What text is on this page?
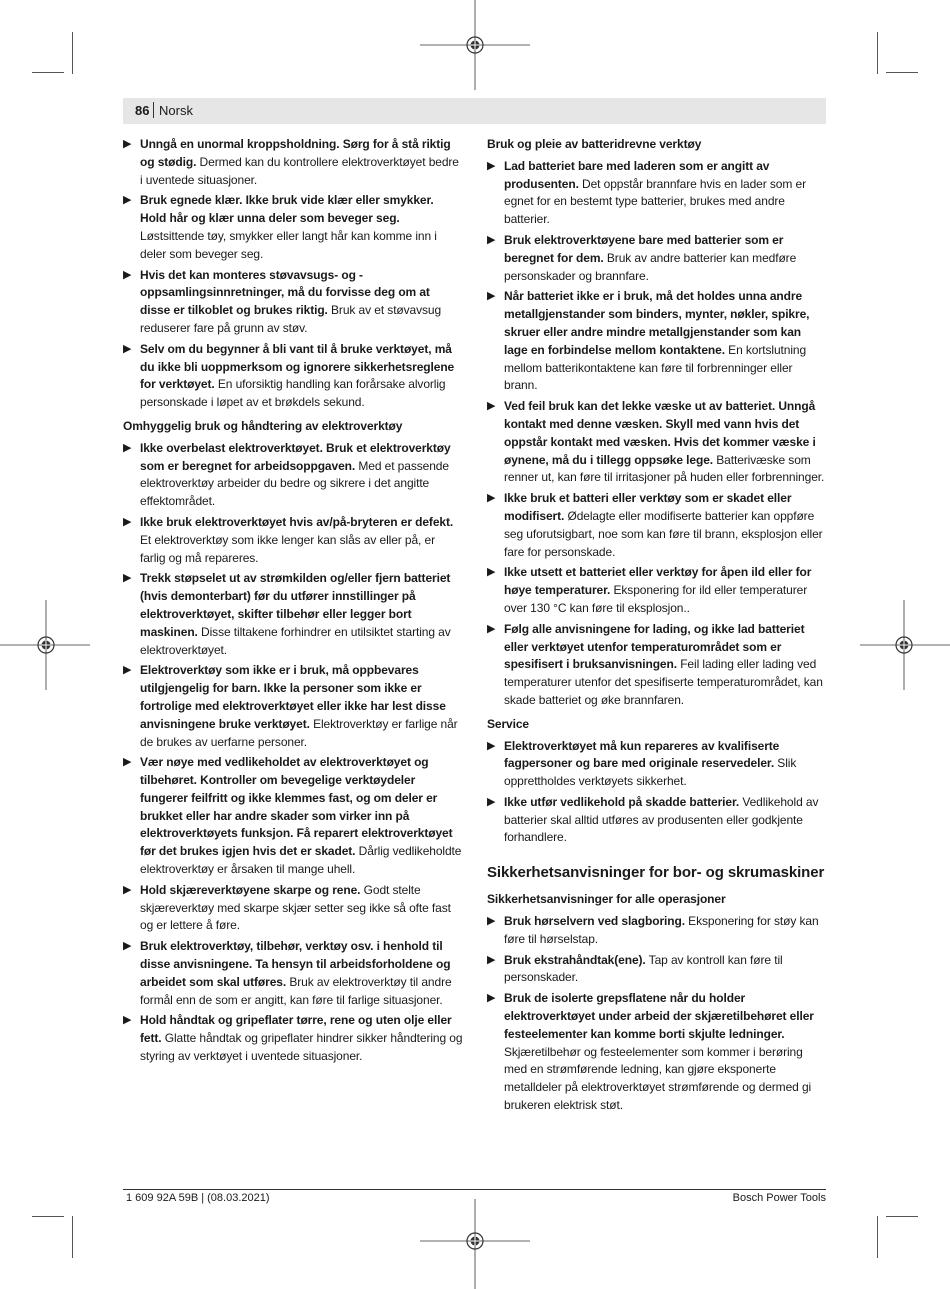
86 Norsk
▶ Unngå en unormal kroppsholdning. Sørg for å stå riktig og stødig. Dermed kan du kontrollere elektroverktøyet bedre i uventede situasjoner.
▶ Bruk egnede klær. Ikke bruk vide klær eller smykker. Hold hår og klær unna deler som beveger seg. Løstsittende tøy, smykker eller langt hår kan komme inn i deler som beveger seg.
▶ Hvis det kan monteres støvavsugs- og -oppsamlingsinnretninger, må du forvisse deg om at disse er tilkoblet og brukes riktig. Bruk av et støvavsug reduserer fare på grunn av støv.
▶ Selv om du begynner å bli vant til å bruke verktøyet, må du ikke bli uoppmerksom og ignorere sikkerhetsreglene for verktøyet. En uforsiktig handling kan forårsake alvorlig personskade i løpet av et brøkdels sekund.
Omhyggelig bruk og håndtering av elektroverktøy
▶ Ikke overbelast elektroverktøyet. Bruk et elektroverktøy som er beregnet for arbeidsoppgaven. Med et passende elektroverktøy arbeider du bedre og sikrere i det angitte effektområdet.
▶ Ikke bruk elektroverktøyet hvis av/på-bryteren er defekt. Et elektroverktøy som ikke lenger kan slås av eller på, er farlig og må repareres.
▶ Trekk støpselet ut av strømkilden og/eller fjern batteriet (hvis demonterbart) før du utfører innstillinger på elektroverktøyet, skifter tilbehør eller legger bort maskinen. Disse tiltakene forhindrer en utilsiktet starting av elektroverktøyet.
▶ Elektroverktøy som ikke er i bruk, må oppbevares utilgjengelig for barn. Ikke la personer som ikke er fortrolige med elektroverktøyet eller ikke har lest disse anvisningene bruke verktøyet. Elektroverktøy er farlige når de brukes av uerfarne personer.
▶ Vær nøye med vedlikeholdet av elektroverktøyet og tilbehøret. Kontroller om bevegelige verktøydeler fungerer feilfritt og ikke klemmes fast, og om deler er brukket eller har andre skader som virker inn på elektroverktøyets funksjon. Få reparert elektroverktøyet før det brukes igjen hvis det er skadet. Dårlig vedlikeholdte elektroverktøy er årsaken til mange uhell.
▶ Hold skjæreverktøyene skarpe og rene. Godt stelte skjæreverktøy med skarpe skjær setter seg ikke så ofte fast og er lettere å føre.
▶ Bruk elektroverktøy, tilbehør, verktøy osv. i henhold til disse anvisningene. Ta hensyn til arbeidsforholdene og arbeidet som skal utføres. Bruk av elektroverktøy til andre formål enn de som er angitt, kan føre til farlige situasjoner.
▶ Hold håndtak og gripeflater tørre, rene og uten olje eller fett. Glatte håndtak og gripeflater hindrer sikker håndtering og styring av verktøyet i uventede situasjoner.
Bruk og pleie av batteridrevne verktøy
▶ Lad batteriet bare med laderen som er angitt av produsenten. Det oppstår brannfare hvis en lader som er egnet for en bestemt type batterier, brukes med andre batterier.
▶ Bruk elektroverktøyene bare med batterier som er beregnet for dem. Bruk av andre batterier kan medføre personskader og brannfare.
▶ Når batteriet ikke er i bruk, må det holdes unna andre metallgjenstander som binders, mynter, nøkler, spikre, skruer eller andre mindre metallgjenstander som kan lage en forbindelse mellom kontaktene. En kortslutning mellom batterikontaktene kan føre til forbrenninger eller brann.
▶ Ved feil bruk kan det lekke væske ut av batteriet. Unngå kontakt med denne væsken. Skyll med vann hvis det oppstår kontakt med væsken. Hvis det kommer væske i øynene, må du i tillegg oppsøke lege. Batterivæske som renner ut, kan føre til irritasjoner på huden eller forbrenninger.
▶ Ikke bruk et batteri eller verktøy som er skadet eller modifisert. Ødelagte eller modifiserte batterier kan oppføre seg uforutsigbart, noe som kan føre til brann, eksplosjon eller fare for personskade.
▶ Ikke utsett et batteriet eller verktøy for åpen ild eller for høye temperaturer. Eksponering for ild eller temperaturer over 130 °C kan føre til eksplosjon..
▶ Følg alle anvisningene for lading, og ikke lad batteriet eller verktøyet utenfor temperaturområdet som er spesifisert i bruksanvisningen. Feil lading eller lading ved temperaturer utenfor det spesifiserte temperaturområdet, kan skade batteriet og øke brannfaren.
Service
▶ Elektroverktøyet må kun repareres av kvalifiserte fagpersoner og bare med originale reservedeler. Slik opprettholdes verktøyets sikkerhet.
▶ Ikke utfør vedlikehold på skadde batterier. Vedlikehold av batterier skal alltid utføres av produsenten eller godkjente forhandlere.
Sikkerhetsanvisninger for bor- og skrumaskiner
Sikkerhetsanvisninger for alle operasjoner
▶ Bruk hørselvern ved slagboring. Eksponering for støy kan føre til hørselstap.
▶ Bruk ekstrahåndtak(ene). Tap av kontroll kan føre til personskader.
▶ Bruk de isolerte grepsflatene når du holder elektroverktøyet under arbeid der skjæretilbehøret eller festeelementer kan komme borti skjulte ledninger. Skjæretilbehør og festeelementer som kommer i berøring med en strømførende ledning, kan gjøre eksponerte metalldeler på elektroverktøyet strømførende og dermed gi brukeren elektrisk støt.
1 609 92A 59B | (08.03.2021)	Bosch Power Tools
